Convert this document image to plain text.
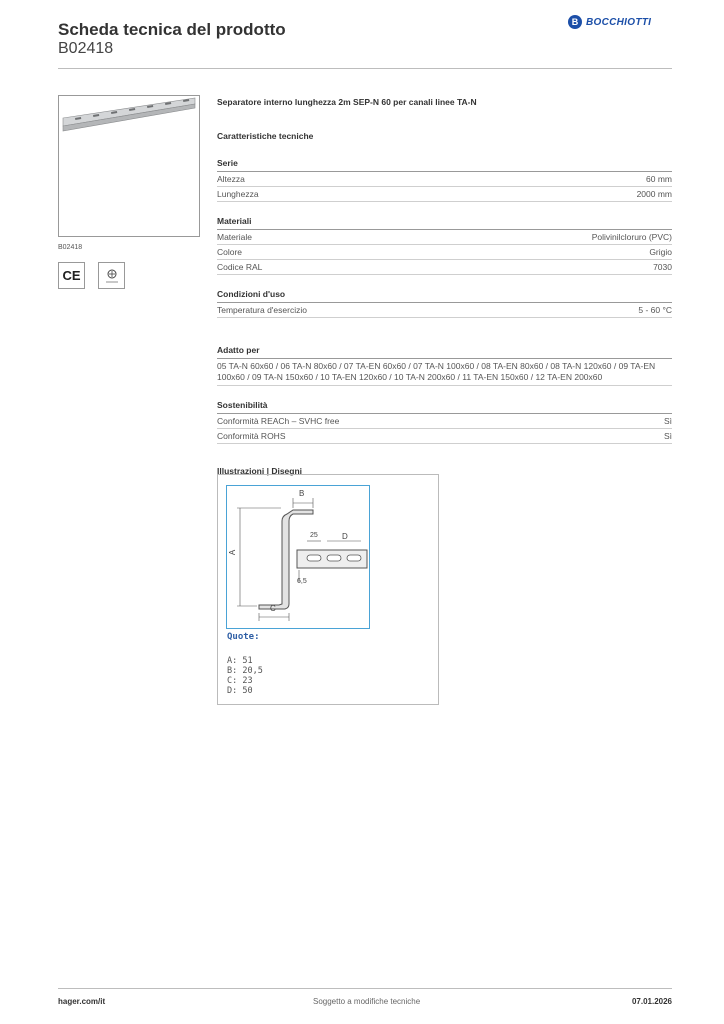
Scheda tecnica del prodotto
B02418
B BOCCHIOTTI
B02418
CE
Separatore interno lunghezza 2m SEP-N 60 per canali linee TA-N
Caratteristiche tecniche
Serie
Altezza	60 mm
Lunghezza	2000 mm
Materiali
Materiale	Polivinilcloruro (PVC)
Colore	Grigio
Codice RAL	7030
Condizioni d'uso
Temperatura d'esercizio	5 - 60 °C
Adatto per
05 TA-N 60x60 / 06 TA-N 80x60 / 07 TA-EN 60x60 / 07 TA-N 100x60 / 08 TA-EN 80x60 / 08 TA-N 120x60 / 09 TA-EN 100x60 / 09 TA-N 150x60 / 10 TA-EN 120x60 / 10 TA-N 200x60 / 11 TA-EN 150x60 / 12 TA-EN 200x60
Sostenibilità
Conformità REACh – SVHC free	Sì
Conformità ROHS	Sì
Illustrazioni | Disegni
A
B
C
D
25
6,5
Quote:
A: 51
B: 20,5
C: 23
D: 50
hager.com/it	Soggetto a modifiche tecniche	07.01.2026
